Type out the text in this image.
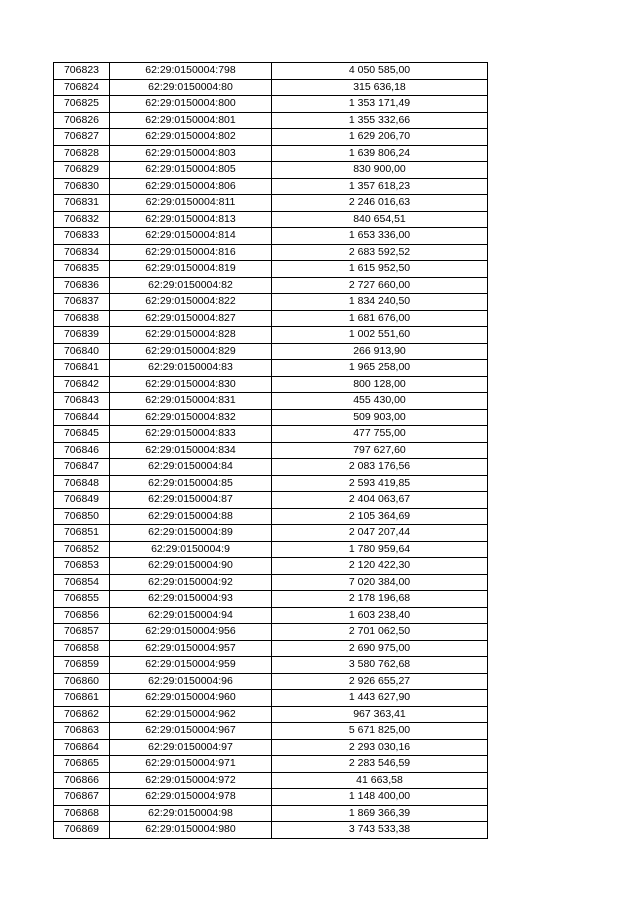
706823	62:29:0150004:798	4 050 585,00
706824	62:29:0150004:80	315 636,18
706825	62:29:0150004:800	1 353 171,49
706826	62:29:0150004:801	1 355 332,66
706827	62:29:0150004:802	1 629 206,70
706828	62:29:0150004:803	1 639 806,24
706829	62:29:0150004:805	830 900,00
706830	62:29:0150004:806	1 357 618,23
706831	62:29:0150004:811	2 246 016,63
706832	62:29:0150004:813	840 654,51
706833	62:29:0150004:814	1 653 336,00
706834	62:29:0150004:816	2 683 592,52
706835	62:29:0150004:819	1 615 952,50
706836	62:29:0150004:82	2 727 660,00
706837	62:29:0150004:822	1 834 240,50
706838	62:29:0150004:827	1 681 676,00
706839	62:29:0150004:828	1 002 551,60
706840	62:29:0150004:829	266 913,90
706841	62:29:0150004:83	1 965 258,00
706842	62:29:0150004:830	800 128,00
706843	62:29:0150004:831	455 430,00
706844	62:29:0150004:832	509 903,00
706845	62:29:0150004:833	477 755,00
706846	62:29:0150004:834	797 627,60
706847	62:29:0150004:84	2 083 176,56
706848	62:29:0150004:85	2 593 419,85
706849	62:29:0150004:87	2 404 063,67
706850	62:29:0150004:88	2 105 364,69
706851	62:29:0150004:89	2 047 207,44
706852	62:29:0150004:9	1 780 959,64
706853	62:29:0150004:90	2 120 422,30
706854	62:29:0150004:92	7 020 384,00
706855	62:29:0150004:93	2 178 196,68
706856	62:29:0150004:94	1 603 238,40
706857	62:29:0150004:956	2 701 062,50
706858	62:29:0150004:957	2 690 975,00
706859	62:29:0150004:959	3 580 762,68
706860	62:29:0150004:96	2 926 655,27
706861	62:29:0150004:960	1 443 627,90
706862	62:29:0150004:962	967 363,41
706863	62:29:0150004:967	5 671 825,00
706864	62:29:0150004:97	2 293 030,16
706865	62:29:0150004:971	2 283 546,59
706866	62:29:0150004:972	41 663,58
706867	62:29:0150004:978	1 148 400,00
706868	62:29:0150004:98	1 869 366,39
706869	62:29:0150004:980	3 743 533,38
